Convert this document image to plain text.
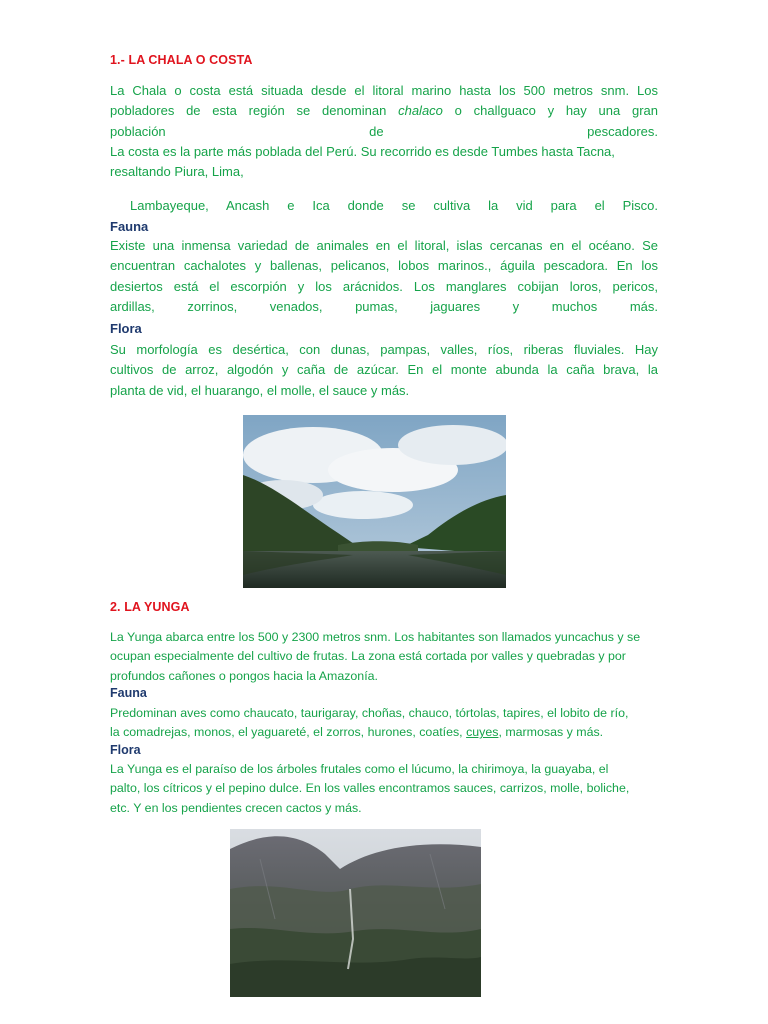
1.- LA CHALA O COSTA
La Chala o costa está situada desde el litoral marino hasta los 500 metros snm. Los
pobladores de esta región se denominan chalaco o challguaco y hay una gran
población de pescadores.
La costa es la parte más poblada del Perú. Su recorrido es desde Tumbes hasta Tacna,
resaltando Piura, Lima,
Lambayeque, Ancash e Ica donde se cultiva la vid para el Pisco.
Fauna
Existe una inmensa variedad de animales en el litoral, islas cercanas en el océano. Se
encuentran cachalotes y ballenas, pelicanos, lobos marinos., águila pescadora. En los
desiertos está el escorpión y los arácnidos. Los manglares cobijan loros, pericos,
ardillas, zorrinos, venados, pumas, jaguares y muchos más.
Flora
Su morfología es desértica, con dunas, pampas, valles, ríos, riberas fluviales. Hay
cultivos de arroz, algodón y caña de azúcar. En el monte abunda la caña brava, la
planta de vid, el huarango, el molle, el sauce y más.
2. LA YUNGA
La Yunga abarca entre los 500 y 2300 metros snm. Los habitantes son llamados yuncachus y se
ocupan especialmente del cultivo de frutas. La zona está cortada por valles y quebradas y por
profundos cañones o pongos hacia la Amazonía.
Fauna
Predominan aves como chaucato, taurigaray, choñas, chauco, tórtolas, tapires, el lobito de río,
la comadrejas, monos, el yaguareté, el zorros, hurones, coatíes, cuyes, marmosas y más.
Flora
La Yunga es el paraíso de los árboles frutales como el lúcumo, la chirimoya, la guayaba, el
palto, los cítricos y el pepino dulce. En los valles encontramos sauces, carrizos, molle, boliche,
etc. Y en los pendientes crecen cactos y más.
